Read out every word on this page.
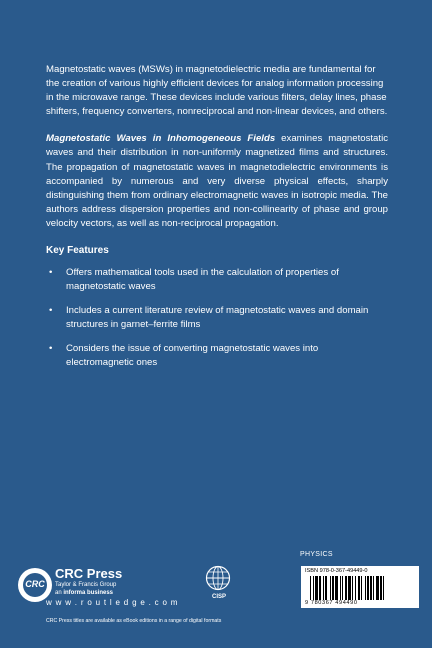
Magnetostatic waves (MSWs) in magnetodielectric media are fundamental for the creation of various highly efficient devices for analog information processing in the microwave range. These devices include various filters, delay lines, phase shifters, frequency converters, nonreciprocal and non-linear devices, and others.

Magnetostatic Waves in Inhomogeneous Fields examines magnetostatic waves and their distribution in non-uniformly magnetized films and structures. The propagation of magnetostatic waves in magnetodielectric environments is accompanied by numerous and very diverse physical effects, sharply distinguishing them from ordinary electromagnetic waves in isotropic media. The authors address dispersion properties and non-collinearity of phase and group velocity vectors, as well as non-reciprocal propagation.

Key Features
• Offers mathematical tools used in the calculation of properties of magnetostatic waves
• Includes a current literature review of magnetostatic waves and domain structures in garnet–ferrite films
• Considers the issue of converting magnetostatic waves into electromagnetic ones
CRC
CRC Press
Taylor & Francis Group
an informa business
w w w . r o u t l e d g e . c o m
CRC Press titles are available as eBook editions in a range of digital formats
CISP
PHYSICS
ISBN 978-0-367-49449-0
9 780367 494490
